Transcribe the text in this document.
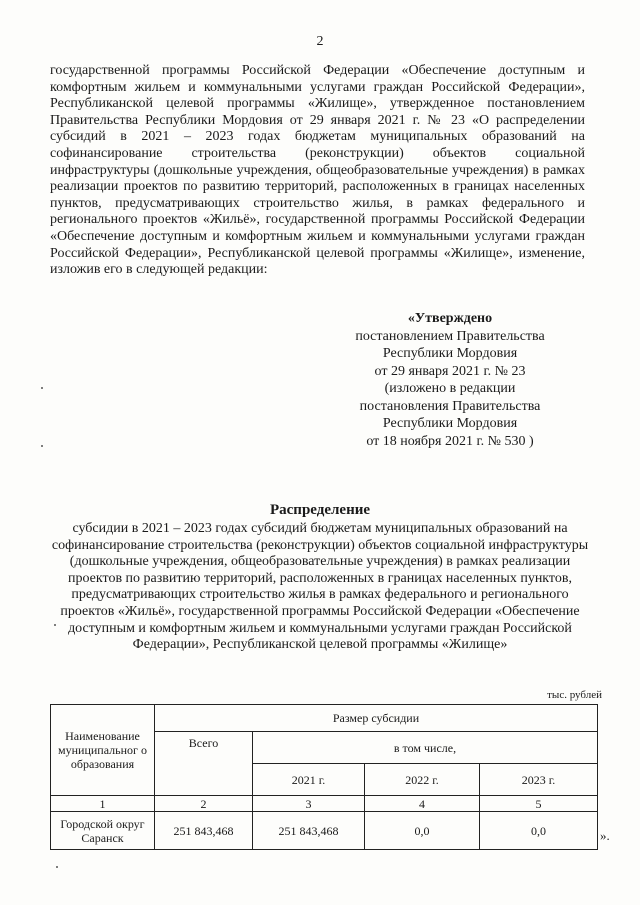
2

государственной программы Российской Федерации «Обеспечение доступным и комфортным жильем и коммунальными услугами граждан Российской Федерации», Республиканской целевой программы «Жилище», утвержденное постановлением Правительства Республики Мордовия от 29 января 2021 г. № 23 «О распределении субсидий в 2021 – 2023 годах бюджетам муниципальных образований на софинансирование строительства (реконструкции) объектов социальной инфраструктуры (дошкольные учреждения, общеобразовательные учреждения) в рамках реализации проектов по развитию территорий, расположенных в границах населенных пунктов, предусматривающих строительство жилья, в рамках федерального и регионального проектов «Жильё», государственной программы Российской Федерации «Обеспечение доступным и комфортным жильем и коммунальными услугами граждан Российской Федерации», Республиканской целевой программы «Жилище», изменение, изложив его в следующей редакции:

«Утверждено
постановлением Правительства
Республики Мордовия
от 29 января 2021 г. № 23
(изложено в редакции
постановления Правительства
Республики Мордовия
от 18 ноября 2021 г. № 530 )
Распределение

субсидии в 2021 – 2023 годах субсидий бюджетам муниципальных образований на софинансирование строительства (реконструкции) объектов социальной инфраструктуры (дошкольные учреждения, общеобразовательные учреждения) в рамках реализации проектов по развитию территорий, расположенных в границах населенных пунктов, предусматривающих строительство жилья в рамках федерального и регионального проектов «Жильё», государственной программы Российской Федерации «Обеспечение доступным и комфортным жильем и коммунальными услугами граждан Российской Федерации», Республиканской целевой программы «Жилище»

тыс. рублей
Наименование муниципальног о образования	Размер субсидии			
	Всего	в том числе,		
		2021 г.	2022 г.	2023 г.
1	2	3	4	5
Городской округ Саранск	251 843,468	251 843,468	0,0	0,0	».
